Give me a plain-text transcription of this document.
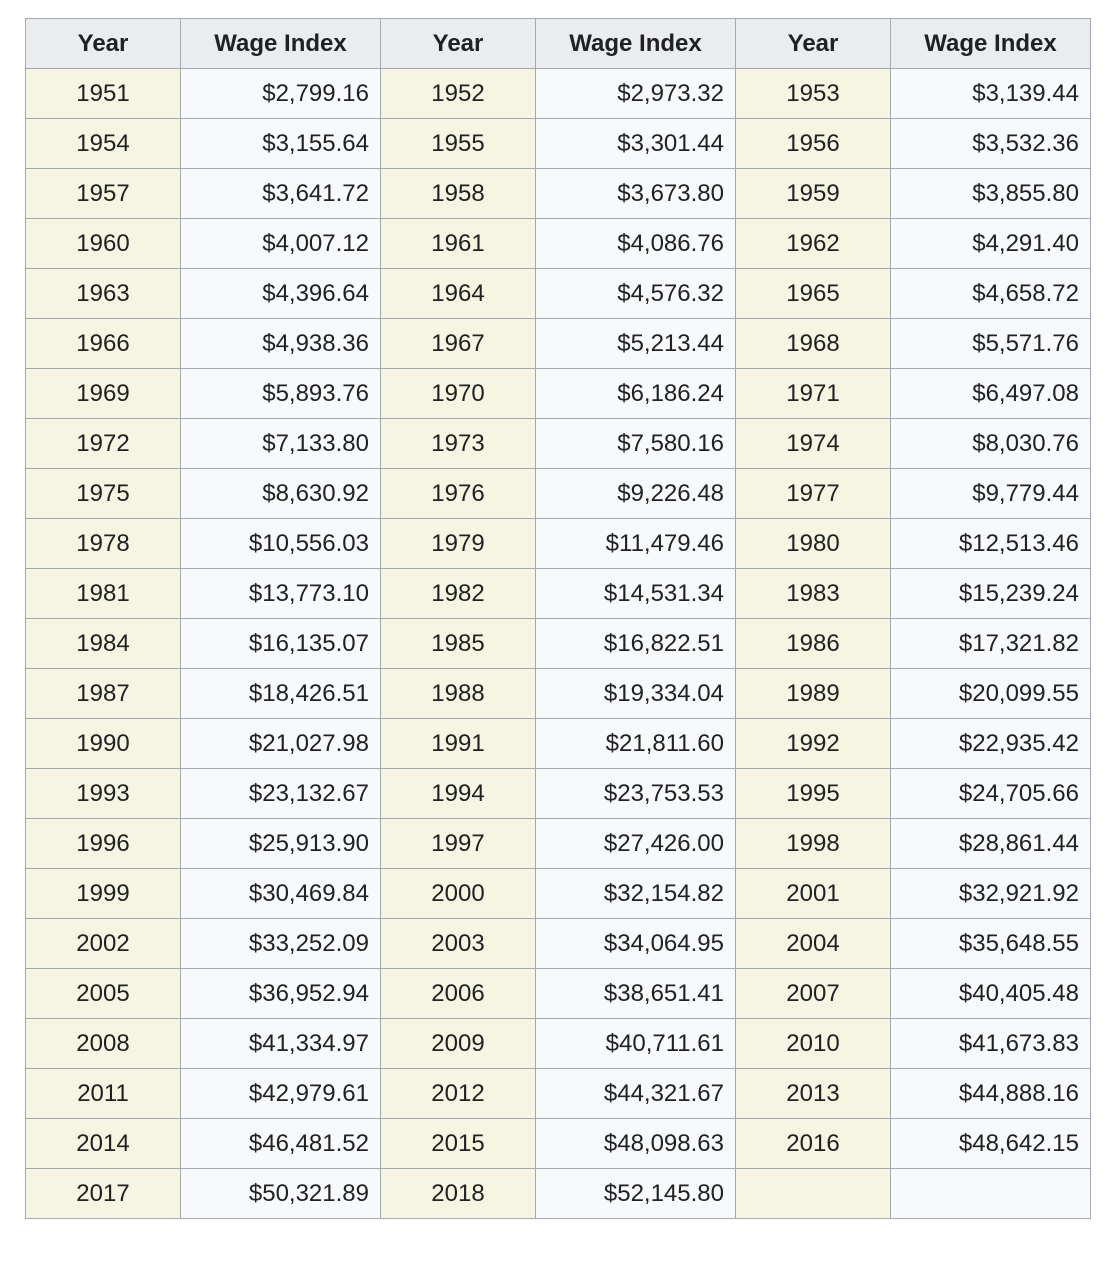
Year	Wage Index	Year	Wage Index	Year	Wage Index
1951	$2,799.16	1952	$2,973.32	1953	$3,139.44
1954	$3,155.64	1955	$3,301.44	1956	$3,532.36
1957	$3,641.72	1958	$3,673.80	1959	$3,855.80
1960	$4,007.12	1961	$4,086.76	1962	$4,291.40
1963	$4,396.64	1964	$4,576.32	1965	$4,658.72
1966	$4,938.36	1967	$5,213.44	1968	$5,571.76
1969	$5,893.76	1970	$6,186.24	1971	$6,497.08
1972	$7,133.80	1973	$7,580.16	1974	$8,030.76
1975	$8,630.92	1976	$9,226.48	1977	$9,779.44
1978	$10,556.03	1979	$11,479.46	1980	$12,513.46
1981	$13,773.10	1982	$14,531.34	1983	$15,239.24
1984	$16,135.07	1985	$16,822.51	1986	$17,321.82
1987	$18,426.51	1988	$19,334.04	1989	$20,099.55
1990	$21,027.98	1991	$21,811.60	1992	$22,935.42
1993	$23,132.67	1994	$23,753.53	1995	$24,705.66
1996	$25,913.90	1997	$27,426.00	1998	$28,861.44
1999	$30,469.84	2000	$32,154.82	2001	$32,921.92
2002	$33,252.09	2003	$34,064.95	2004	$35,648.55
2005	$36,952.94	2006	$38,651.41	2007	$40,405.48
2008	$41,334.97	2009	$40,711.61	2010	$41,673.83
2011	$42,979.61	2012	$44,321.67	2013	$44,888.16
2014	$46,481.52	2015	$48,098.63	2016	$48,642.15
2017	$50,321.89	2018	$52,145.80		
